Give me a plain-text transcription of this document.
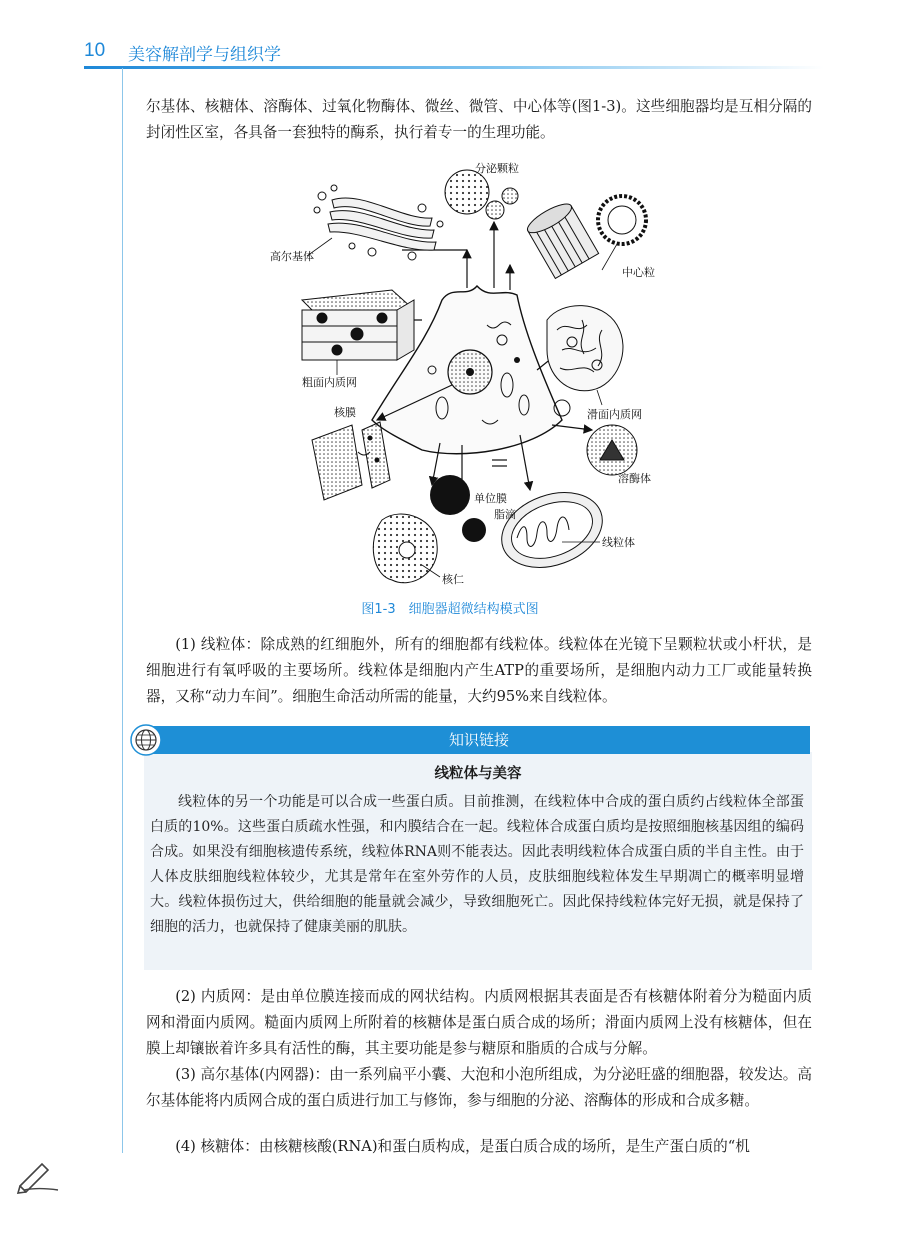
10 美容解剖学与组织学

尔基体、核糖体、溶酶体、过氧化物酶体、微丝、微管、中心体等(图1-3)。这些细胞器均是互相分隔的封闭性区室，各具备一套独特的酶系，执行着专一的生理功能。

分泌颗粒
高尔基体
中心粒
粗面内质网
滑面内质网
核膜
溶酶体
单位膜
脂滴
线粒体
核仁
图1-3　细胞器超微结构模式图

(1) 线粒体：除成熟的红细胞外，所有的细胞都有线粒体。线粒体在光镜下呈颗粒状或小杆状，是细胞进行有氧呼吸的主要场所。线粒体是细胞内产生ATP的重要场所，是细胞内动力工厂或能量转换器，又称“动力车间”。细胞生命活动所需的能量，大约95%来自线粒体。

知识链接
线粒体与美容

线粒体的另一个功能是可以合成一些蛋白质。目前推测，在线粒体中合成的蛋白质约占线粒体全部蛋白质的10%。这些蛋白质疏水性强，和内膜结合在一起。线粒体合成蛋白质均是按照细胞核基因组的编码合成。如果没有细胞核遗传系统，线粒体RNA则不能表达。因此表明线粒体合成蛋白质的半自主性。由于人体皮肤细胞线粒体较少，尤其是常年在室外劳作的人员，皮肤细胞线粒体发生早期凋亡的概率明显增大。线粒体损伤过大，供给细胞的能量就会减少，导致细胞死亡。因此保持线粒体完好无损，就是保持了细胞的活力，也就保持了健康美丽的肌肤。

(2) 内质网：是由单位膜连接而成的网状结构。内质网根据其表面是否有核糖体附着分为糙面内质网和滑面内质网。糙面内质网上所附着的核糖体是蛋白质合成的场所；滑面内质网上没有核糖体，但在膜上却镶嵌着许多具有活性的酶，其主要功能是参与糖原和脂质的合成与分解。

(3) 高尔基体(内网器)：由一系列扁平小囊、大泡和小泡所组成，为分泌旺盛的细胞器，较发达。高尔基体能将内质网合成的蛋白质进行加工与修饰，参与细胞的分泌、溶酶体的形成和合成多糖。

(4) 核糖体：由核糖核酸(RNA)和蛋白质构成，是蛋白质合成的场所，是生产蛋白质的“机
